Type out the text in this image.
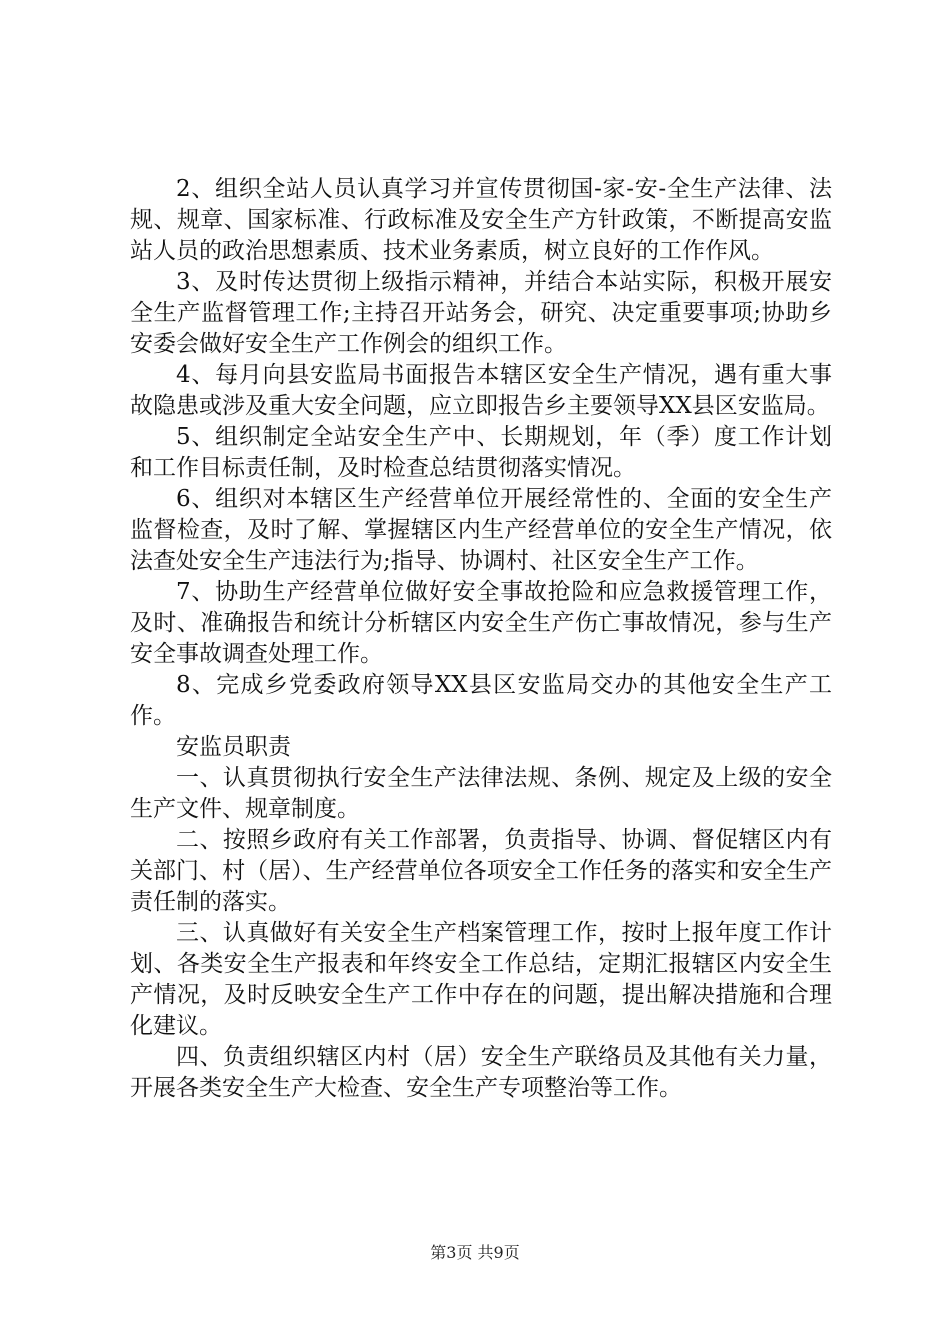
2、组织全站人员认真学习并宣传贯彻国-家-安-全生产法律、法规、规章、国家标准、行政标准及安全生产方针政策，不断提高安监站人员的政治思想素质、技术业务素质，树立良好的工作作风。

3、及时传达贯彻上级指示精神，并结合本站实际，积极开展安全生产监督管理工作;主持召开站务会，研究、决定重要事项;协助乡安委会做好安全生产工作例会的组织工作。

4、每月向县安监局书面报告本辖区安全生产情况，遇有重大事故隐患或涉及重大安全问题，应立即报告乡主要领导XX县区安监局。

5、组织制定全站安全生产中、长期规划，年（季）度工作计划和工作目标责任制，及时检查总结贯彻落实情况。

6、组织对本辖区生产经营单位开展经常性的、全面的安全生产监督检查，及时了解、掌握辖区内生产经营单位的安全生产情况，依法查处安全生产违法行为;指导、协调村、社区安全生产工作。

7、协助生产经营单位做好安全事故抢险和应急救援管理工作，及时、准确报告和统计分析辖区内安全生产伤亡事故情况，参与生产安全事故调查处理工作。

8、完成乡党委政府领导XX县区安监局交办的其他安全生产工作。

安监员职责

一、认真贯彻执行安全生产法律法规、条例、规定及上级的安全生产文件、规章制度。

二、按照乡政府有关工作部署，负责指导、协调、督促辖区内有关部门、村（居）、生产经营单位各项安全工作任务的落实和安全生产责任制的落实。

三、认真做好有关安全生产档案管理工作，按时上报年度工作计划、各类安全生产报表和年终安全工作总结，定期汇报辖区内安全生产情况，及时反映安全生产工作中存在的问题，提出解决措施和合理化建议。

四、负责组织辖区内村（居）安全生产联络员及其他有关力量，开展各类安全生产大检查、安全生产专项整治等工作。

第3页 共9页
